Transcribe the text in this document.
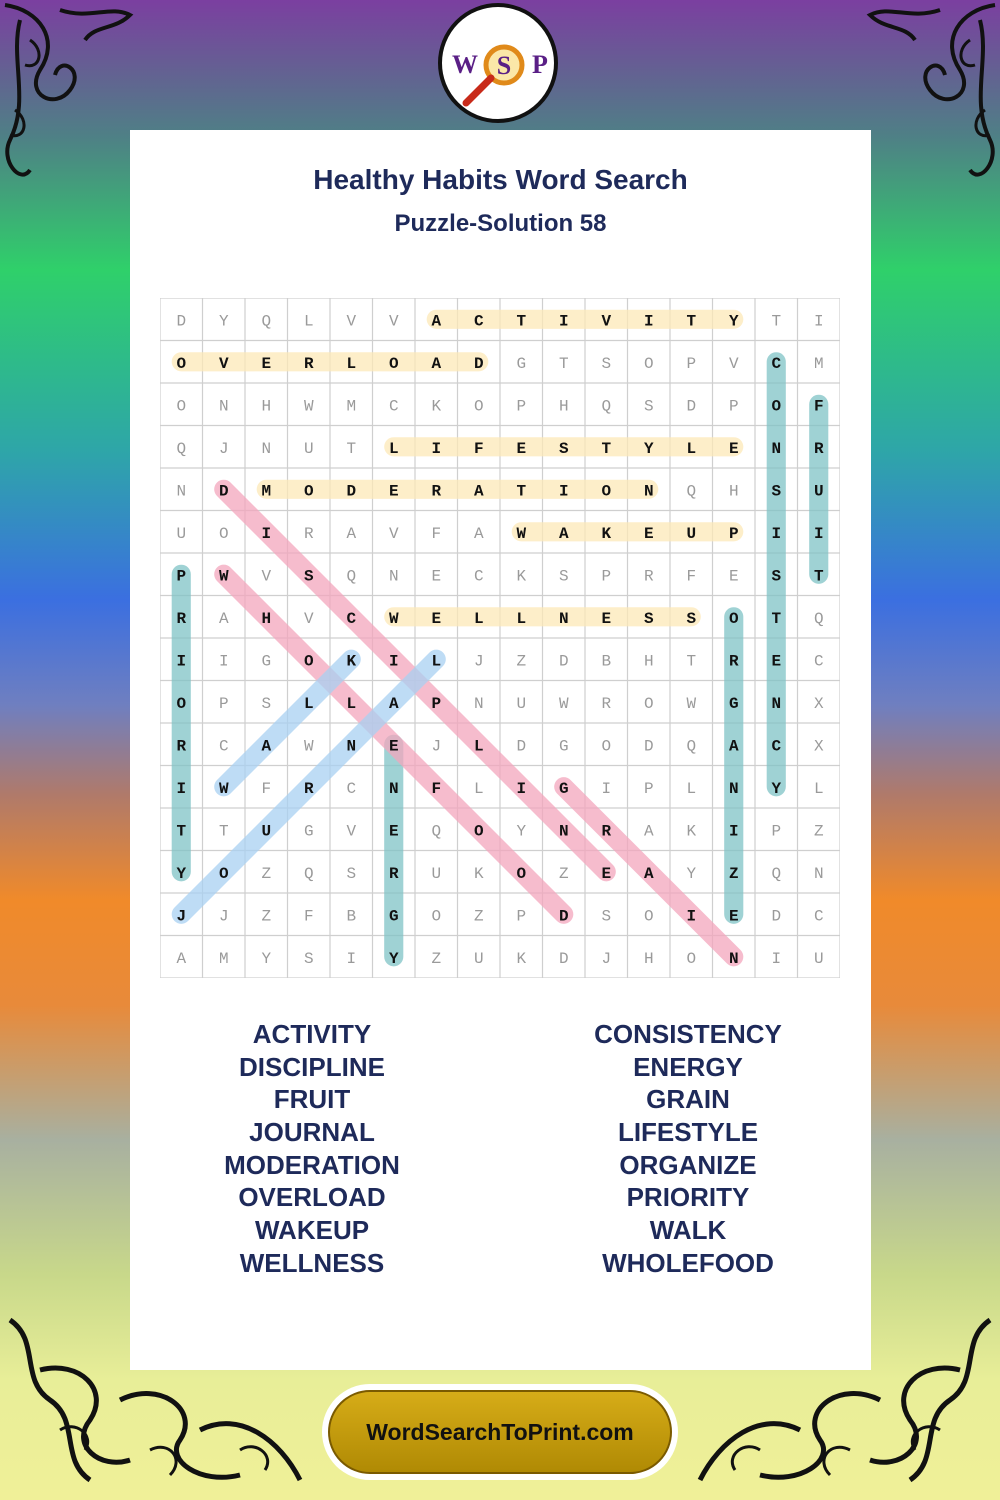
W S P
Healthy Habits Word Search
Puzzle-Solution 58
D Y Q L V V A C T I V I T Y T I
O V E R L O A D G T S O P V C M
O N H W M C K O P H Q S D P O F
Q J N U T L I F E S T Y L E N R
N D M O D E R A T I O N Q H S U
U O I R A V F A W A K E U P I I
P W V S Q N E C K S P R F E S T
R A H V C W E L L N E S S O T Q
I I G O K I L J Z D B H T R E C
O P S L L A P N U W R O W G N X
R C A W N E J L D G O D Q A C X
I W F R C N F L I G I P L N Y L
T T U G V E Q O Y N R A K I P Z
Y O Z Q S R U K O Z E A Y Z Q N
J J Z F B G O Z P D S O I E D C
A M Y S I Y Z U K D J H O N I U
ACTIVITY
DISCIPLINE
FRUIT
JOURNAL
MODERATION
OVERLOAD
WAKEUP
WELLNESS
CONSISTENCY
ENERGY
GRAIN
LIFESTYLE
ORGANIZE
PRIORITY
WALK
WHOLEFOOD
WordSearchToPrint.com
